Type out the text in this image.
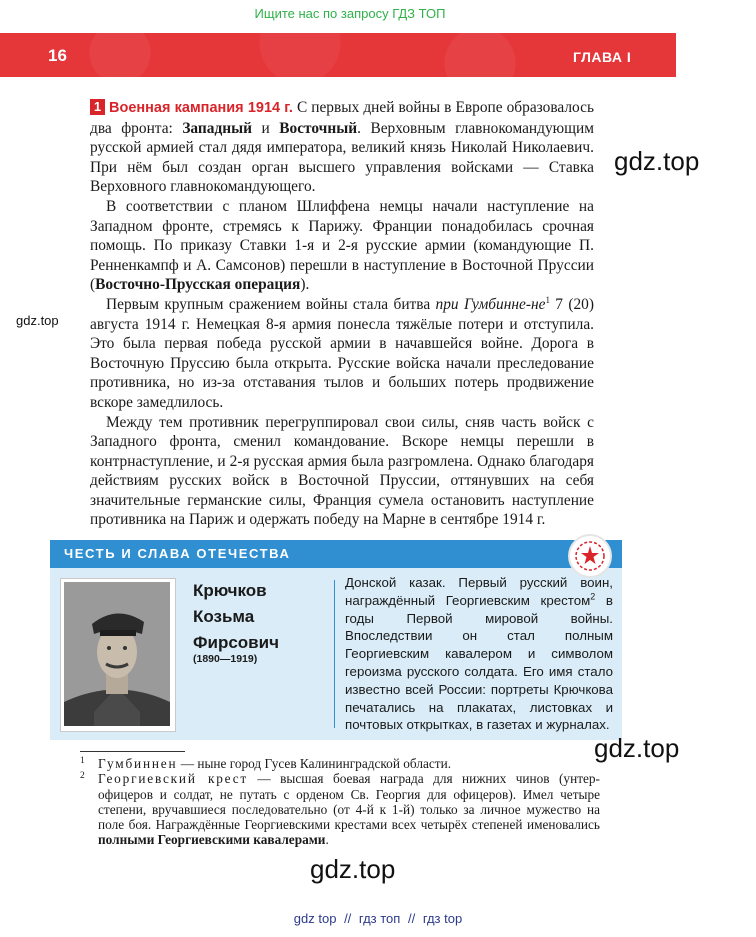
Ищите нас по запросу ГДЗ ТОП
16	ГЛАВА I

1 Военная кампания 1914 г. С первых дней войны в Европе образовалось два фронта: Западный и Восточный. Верховным главнокомандующим русской армией стал дядя императора, великий князь Николай Николаевич. При нём был создан орган высшего управления войсками — Ставка Верховного главнокомандующего.

В соответствии с планом Шлиффена немцы начали наступление на Западном фронте, стремясь к Парижу. Франции понадобилась срочная помощь. По приказу Ставки 1-я и 2-я русские армии (командующие П. Ренненкампф и А. Самсонов) перешли в наступление в Восточной Пруссии (Восточно-Прусская операция).

Первым крупным сражением войны стала битва при Гумбинне-$не^1$ 7 (20) августа 1914 г. Немецкая 8-я армия понесла тяжёлые потери и отступила. Это была первая победа русской армии в начавшейся войне. Дорога в Восточную Пруссию была открыта. Русские войска начали преследование противника, но из-за отставания тылов и больших потерь продвижение вскоре замедлилось.

Между тем противник перегруппировал свои силы, сняв часть войск с Западного фронта, сменил командование. Вскоре немцы перешли в контрнаступление, и 2-я русская армия была разгромлена. Однако благодаря действиям русских войск в Восточной Пруссии, оттянувших на себя значительные германские силы, Франция сумела остановить наступление противника на Париж и одержать победу на Марне в сентябре 1914 г.

gdz.top
gdz.top
ЧЕСТЬ И СЛАВА ОТЕЧЕСТВА
Крючков
Козьма
Фирсович
(1890—1919)
Донской казак. Первый русский воин, награждённый Георгиевским крестом$^2$ в годы Первой мировой войны. Впоследствии он стал полным Георгиевским кавалером и символом героизма русского солдата. Его имя стало известно всей России: портреты Крючкова печатались на плакатах, листовках и почтовых открытках, в газетах и журналах.

1 Гумбиннен — ныне город Гусев Калининградской области.

2 Георгиевский крест — высшая боевая награда для нижних чинов (унтер-офицеров и солдат, не путать с орденом Св. Георгия для офицеров). Имел четыре степени, вручавшиеся последовательно (от 4-й к 1-й) только за личное мужество на поле боя. Награждённые Георгиевскими крестами всех четырёх степеней именовались полными Георгиевскими кавалерами.

gdz.top
gdz.top
gdz top // гдз топ // гдз top
